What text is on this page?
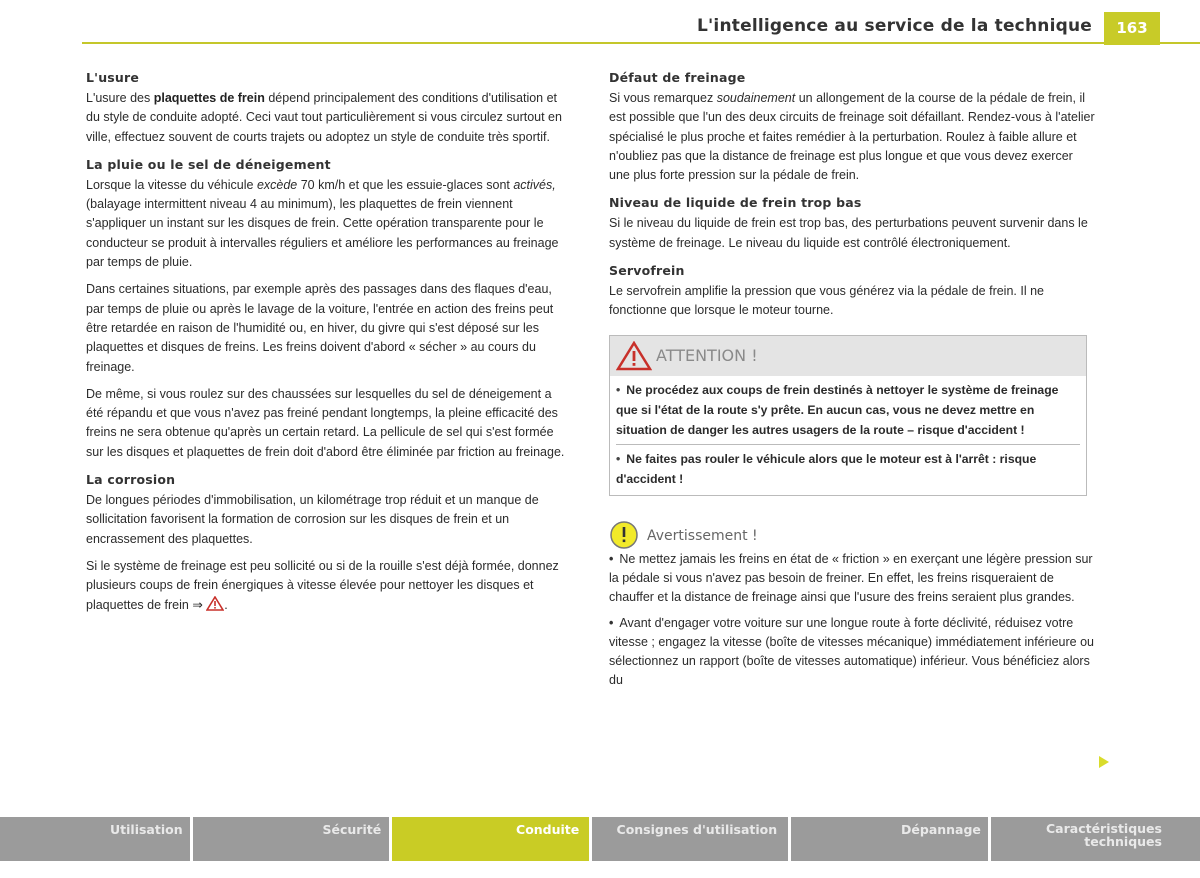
L'intelligence au service de la technique	163
L'usure

L'usure des plaquettes de frein dépend principalement des conditions d'utilisation et du style de conduite adopté. Ceci vaut tout particulièrement si vous circulez surtout en ville, effectuez souvent de courts trajets ou adoptez un style de conduite très sportif.

La pluie ou le sel de déneigement

Lorsque la vitesse du véhicule excède 70 km/h et que les essuie-glaces sont activés, (balayage intermittent niveau 4 au minimum), les plaquettes de frein viennent s'appliquer un instant sur les disques de frein. Cette opération transparente pour le conducteur se produit à intervalles réguliers et améliore les performances au freinage par temps de pluie.

Dans certaines situations, par exemple après des passages dans des flaques d'eau, par temps de pluie ou après le lavage de la voiture, l'entrée en action des freins peut être retardée en raison de l'humidité ou, en hiver, du givre qui s'est déposé sur les plaquettes et disques de freins. Les freins doivent d'abord « sécher » au cours du freinage.

De même, si vous roulez sur des chaussées sur lesquelles du sel de déneigement a été répandu et que vous n'avez pas freiné pendant longtemps, la pleine efficacité des freins ne sera obtenue qu'après un certain retard. La pellicule de sel qui s'est formée sur les disques et plaquettes de frein doit d'abord être éliminée par friction au freinage.

La corrosion

De longues périodes d'immobilisation, un kilométrage trop réduit et un manque de sollicitation favorisent la formation de corrosion sur les disques de frein et un encrassement des plaquettes.

Si le système de freinage est peu sollicité ou si de la rouille s'est déjà formée, donnez plusieurs coups de frein énergiques à vitesse élevée pour nettoyer les disques et plaquettes de frein ⇒ .

Défaut de freinage

Si vous remarquez soudainement un allongement de la course de la pédale de frein, il est possible que l'un des deux circuits de freinage soit défaillant. Rendez-vous à l'atelier spécialisé le plus proche et faites remédier à la perturbation. Roulez à faible allure et n'oubliez pas que la distance de freinage est plus longue et que vous devez exercer une plus forte pression sur la pédale de frein.

Niveau de liquide de frein trop bas

Si le niveau du liquide de frein est trop bas, des perturbations peuvent survenir dans le système de freinage. Le niveau du liquide est contrôlé électroniquement.

Servofrein

Le servofrein amplifie la pression que vous générez via la pédale de frein. Il ne fonctionne que lorsque le moteur tourne.

ATTENTION !

• Ne procédez aux coups de frein destinés à nettoyer le système de freinage que si l'état de la route s'y prête. En aucun cas, vous ne devez mettre en situation de danger les autres usagers de la route – risque d'accident !

• Ne faites pas rouler le véhicule alors que le moteur est à l'arrêt : risque d'accident !

Avertissement !

• Ne mettez jamais les freins en état de « friction » en exerçant une légère pression sur la pédale si vous n'avez pas besoin de freiner. En effet, les freins risqueraient de chauffer et la distance de freinage ainsi que l'usure des freins seraient plus grandes.

• Avant d'engager votre voiture sur une longue route à forte déclivité, réduisez votre vitesse ; engagez la vitesse (boîte de vitesses mécanique) immédiatement inférieure ou sélectionnez un rapport (boîte de vitesses automatique) inférieur. Vous bénéficiez alors du

Utilisation	Sécurité	Conduite	Consignes d'utilisation	Dépannage	Caractéristiques techniques
